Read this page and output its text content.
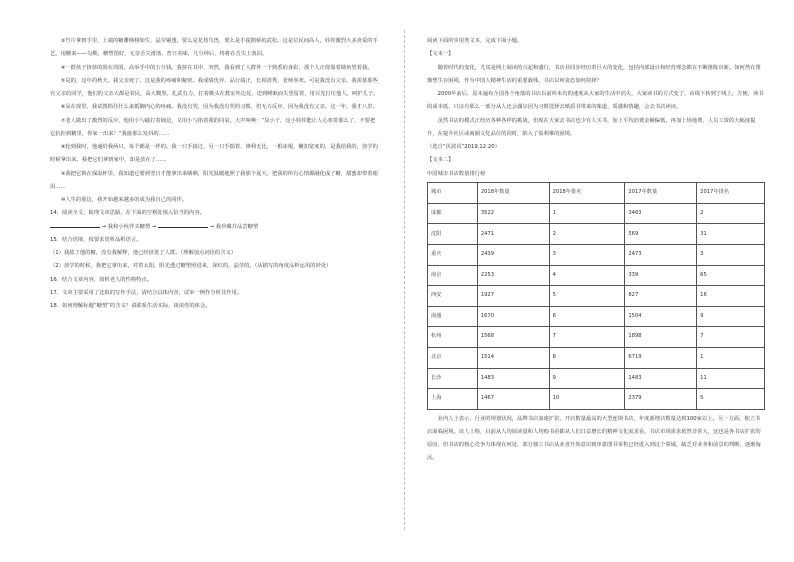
③竹片拿到手里，上端的糖雕栩栩如生，晶莹剔透。要么是花枝鸟兽，要么是手提鹊桥的武松。这是位民间高人，娃娃激烈大多喜爱的手艺。用糖来——勾勒，糖塑图好，无奈舌尖滑落，普日美味，几分钟后，终将在舌尖上落泪。

④一群孩子挤挤的围在周围，高举手中的五分钱。我挤在其中，突然，我看到了人群外一个熟悉的身影，那个人正倚靠着墙角望着我。

⑤是的，这年的秋天，我父亲死了。这是我的疼痛和秘密。我成绩优异，品行端正，长相清秀，老师喜欢。可是我没有父亲。我羡慕那些有父亲的同学，他们的父亲大都是农民，高大黝黑，扎武有力，扛着锄头在教室外边晃，送到睡眠而失望留着，用目光打压他人，呵护儿子。

⑥呆在现里，我试图抓住什么来抵御内心的疼痛。我没有哭，因为我没有哭的习惯，但无力反应，因为我没有父亲。这一年，我才八岁。

⑦老人做出了激烈的反应，他用小勺敲打着锅边，又用小勺指着我的同桌，大声叫唤：“臭小子，这小娃娃能让人心寒贯那么了，不要把它抗拒到糖里，你家一出来！”我接那么发抖的……

⑧轮到我时，他递给我两只，每个都是一样的。我一只手接过，另一只手揣着，锋利无比，一根冰棍，嫩扣宽度的，是我给我的，放学的时候拿出来。我把它们拿到家中，却是放在了……

⑨我把它锁在保温杯里，我知道它要到翌日才能拿出来晒晒，阳光温暖地照了我那个夏天，把我的所有心情都融化成了糖，甜蜜却带着眼泪……

⑩人生的那边，我开始越来越多的成为我自己的同伴。

14．阅读全文，梳理文章思路，在下面的空格处填入恰当的内容。

→ 我和小伙伴买糖塑 →	→ 我珍藏并品尝糖塑

15．结合语境，按要求赏析品析语言。

（1）我舔了他的糖，没有我解释，他已经挤进了人群。（理解加点词语的含义）

（2）放学的时候，我把它拿出来，对着太阳，阳光透过糖塑照进来，深红的，晶莹的。（从描写的角度品析运用的妙处）

16．结合文章内容，简析老人的性格特点。

17．文章主要采用了比拟的写作手法，请结合具体内容，试举一例作分析其作用。

18．如何理解标题“糖塑”的含义？请联系生活实际，谈谈你的体会。

阅读下面的实用类文本，完成下面小题。

【文本一】

随着时代的变化，尤其是网上阅读的兴起和盛行，书店业同步经历着巨大的变化，包括内部设计和经营理念都在不断推陈出新。如何然在图像塑生存困境，作为中国人精神生活的重要载体，书店以何姿态如何抉择？

2000年前后，原本遍布全国各个角落的书店以前所未有的速度从大家的生活中消失，大家读书的方式变了，由线下转到了线上，方便，读书的成本低，只证有那么一部分从人还会偶尔因为习惯选择去纸质书带来的味道、质感和情趣，会去书店读读。

虽然书店的模式正经历各种各样的挑战，但现在大家去书店也少有人买书，加上平均消费金额偏低，再加上场地费、人员工资的大幅度提升，在提升社区或商圈文化品位的同时，陷入了盈利难的困境。

（选自“伏波讯”2019.12.20）

【文本二】

中国城市书店数量排行榜

城市	2018年数量	2018年排名	2017年数量	2017年排名
成都	3522	1	3463	2
沈阳	2471	2	569	31
重庆	2439	3	2473	3
南京	2253	4	339	65
西安	1927	5	827	16
南通	1670	6	1504	9
杭州	1568	7	1898	7
北京	1514	8	6719	1
长沙	1483	9	1483	11
上海	1467	10	2379	5

业内人士表示，行业的规划状况，品牌书店加速扩张，开店数量最高的大型连锁书店，年度新增店数量达到100家以上。另一方面，独立书店面临困境。该人士称，目前从人均阅读量和人均购书看都从人们日益增长的精神文化需求看，书店市场需求依然非常大，这也是各书店扩张的原因，但书店的核心竞争力体现在何处，部分独立书店从业者开始意识到单靠图书零售已经进入到这个领域，缺乏对业务和前景的判断，逐渐淘汰。
